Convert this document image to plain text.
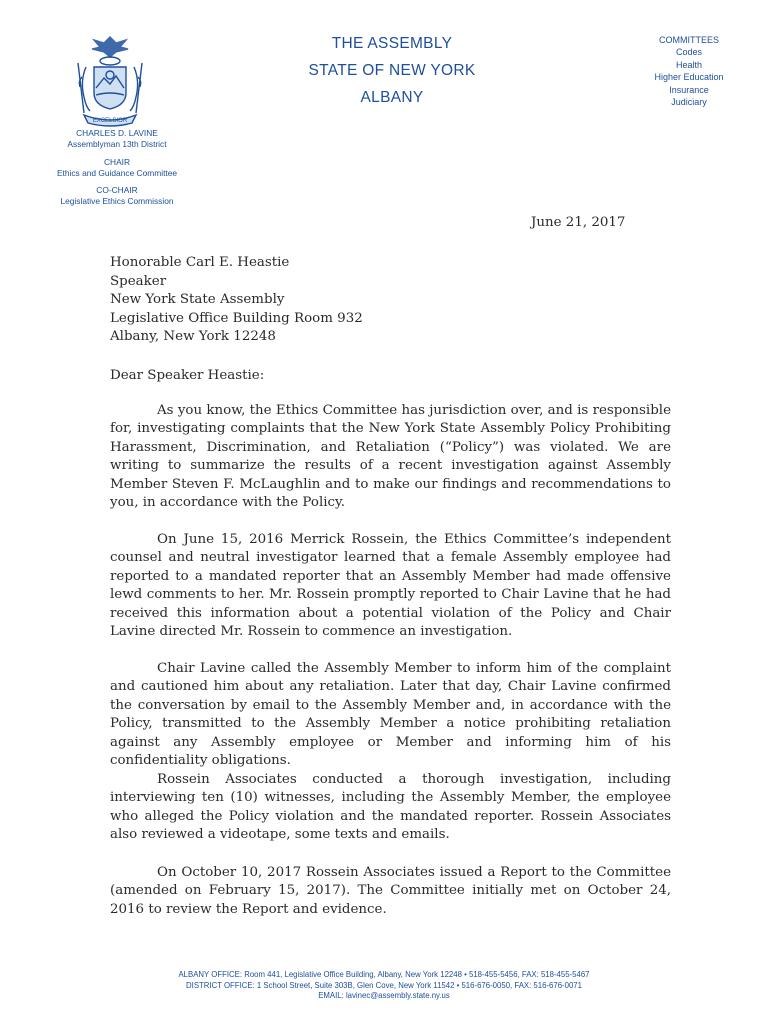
EXCELSIOR
THE ASSEMBLY
STATE OF NEW YORK
ALBANY
COMMITTEES
Codes
Health
Higher Education
Insurance
Judiciary
CHARLES D. LAVINE
Assemblyman 13th District
CHAIR
Ethics and Guidance Committee
CO-CHAIR
Legislative Ethics Commission
June 21, 2017
Honorable Carl E. Heastie
Speaker
New York State Assembly
Legislative Office Building Room 932
Albany, New York 12248
Dear Speaker Heastie:

As you know, the Ethics Committee has jurisdiction over, and is responsible for, investigating complaints that the New York State Assembly Policy Prohibiting Harassment, Discrimination, and Retaliation (“Policy”) was violated. We are writing to summarize the results of a recent investigation against Assembly Member Steven F. McLaughlin and to make our findings and recommendations to you, in accordance with the Policy.

On June 15, 2016 Merrick Rossein, the Ethics Committee’s independent counsel and neutral investigator learned that a female Assembly employee had reported to a mandated reporter that an Assembly Member had made offensive lewd comments to her. Mr. Rossein promptly reported to Chair Lavine that he had received this information about a potential violation of the Policy and Chair Lavine directed Mr. Rossein to commence an investigation.

Chair Lavine called the Assembly Member to inform him of the complaint and cautioned him about any retaliation. Later that day, Chair Lavine confirmed the conversation by email to the Assembly Member and, in accordance with the Policy, transmitted to the Assembly Member a notice prohibiting retaliation against any Assembly employee or Member and informing him of his confidentiality obligations.

Rossein Associates conducted a thorough investigation, including interviewing ten (10) witnesses, including the Assembly Member, the employee who alleged the Policy violation and the mandated reporter. Rossein Associates also reviewed a videotape, some texts and emails.

On October 10, 2017 Rossein Associates issued a Report to the Committee (amended on February 15, 2017). The Committee initially met on October 24, 2016 to review the Report and evidence.

ALBANY OFFICE: Room 441, Legislative Office Building, Albany, New York 12248 • 518-455-5456, FAX: 518-455-5467
DISTRICT OFFICE: 1 School Street, Suite 303B, Glen Cove, New York 11542 • 516-676-0050, FAX: 516-676-0071
EMAIL: lavinec@assembly.state.ny.us
